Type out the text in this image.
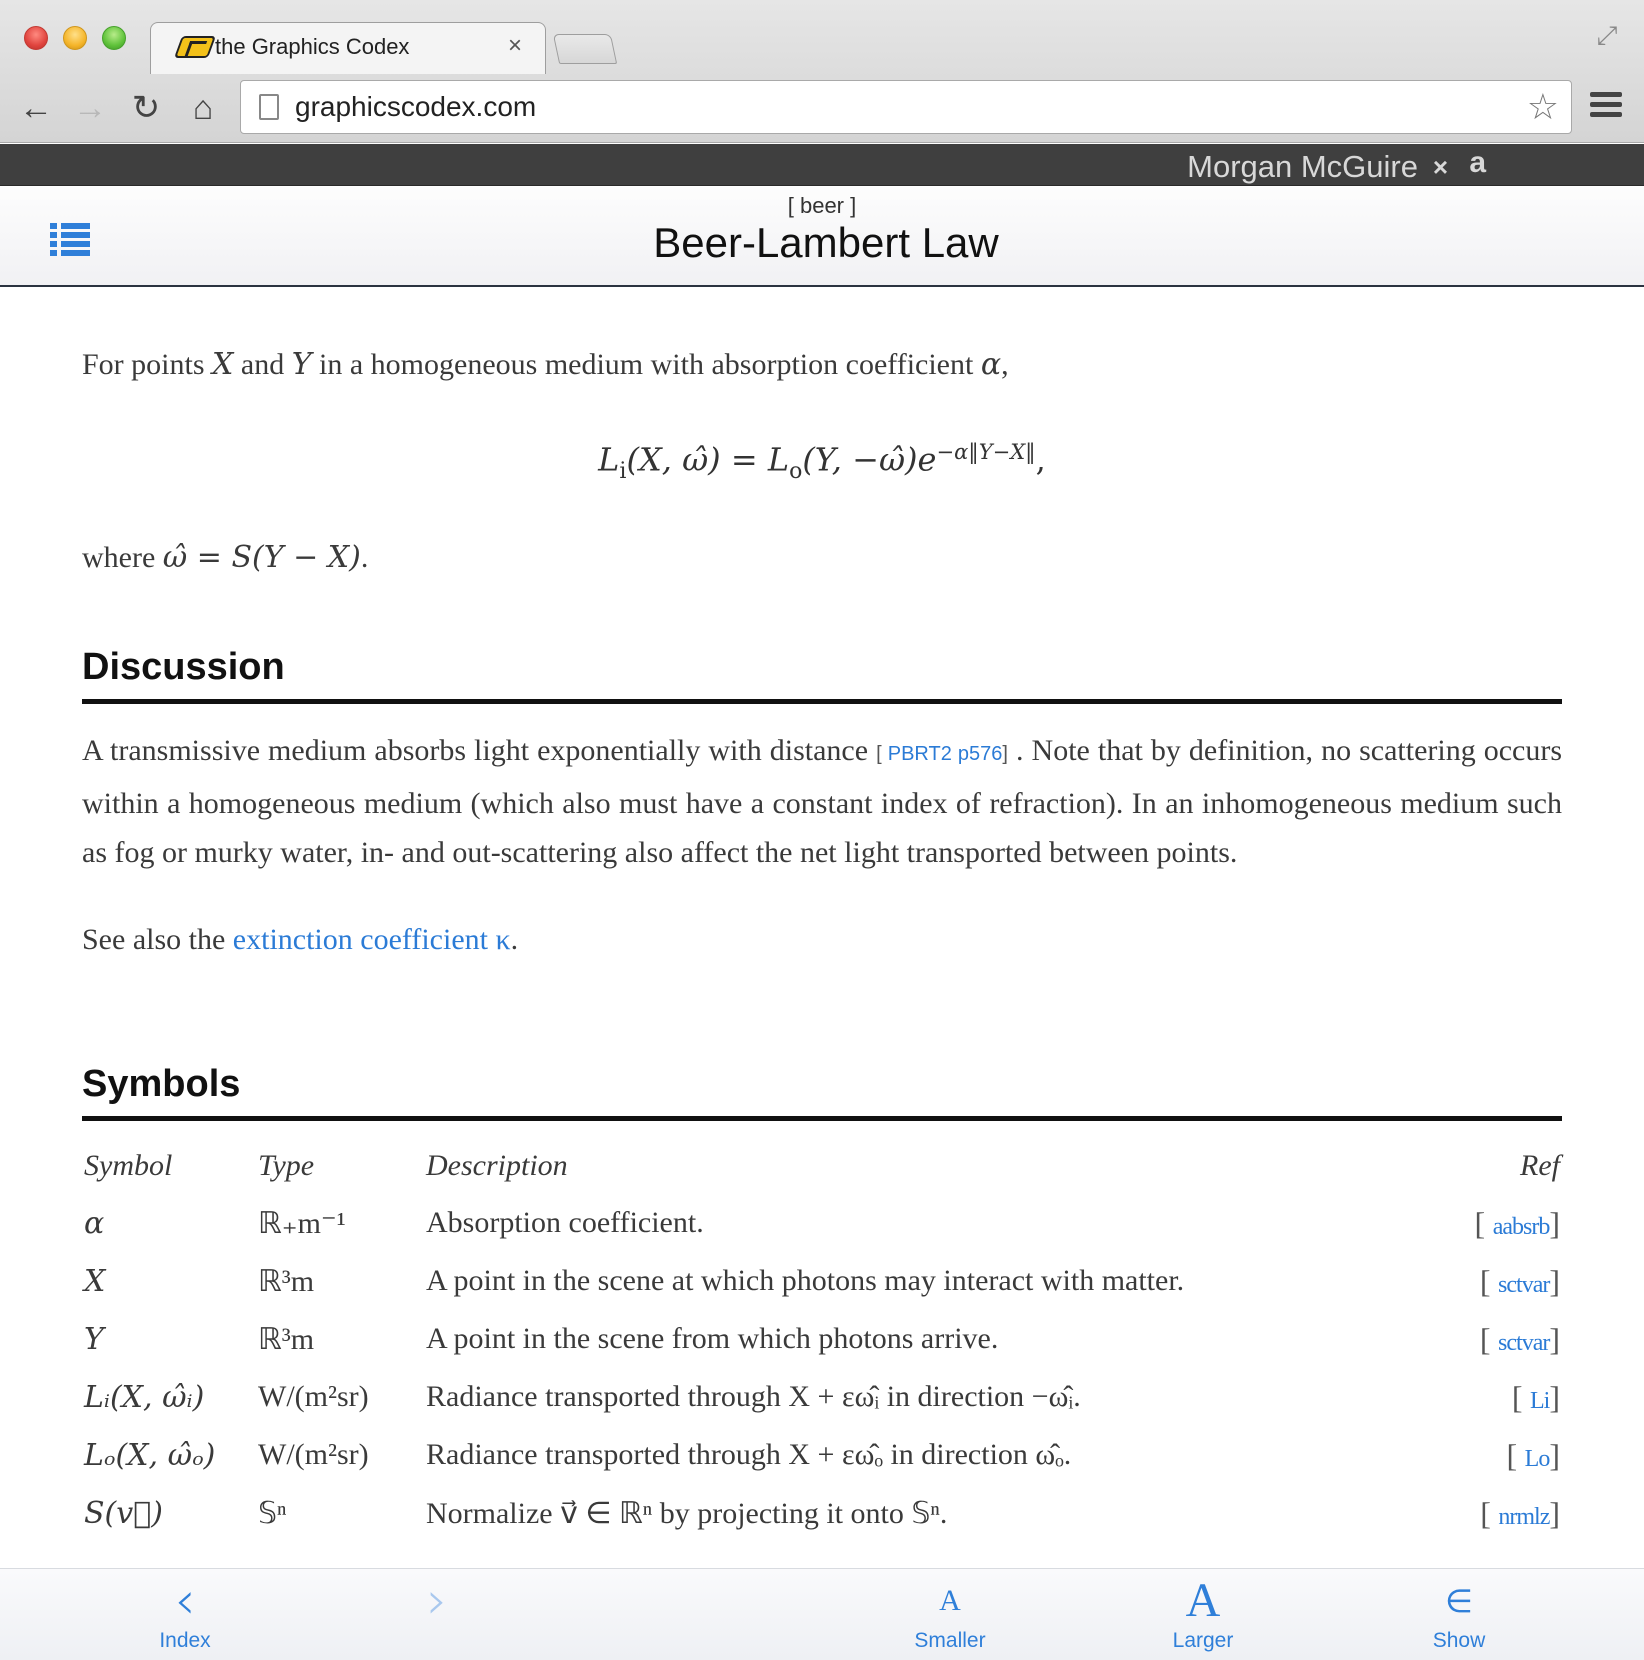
the Graphics Codex	×	⤢
← → ↻ ⌂	graphicscodex.com	☆
Morgan McGuire × a
[ beer ]
Beer-Lambert Law

For points X and Y in a homogeneous medium with absorption coefficient α,

$L_i(X$, ω̂) = $L_o(Y$, $-\omegâ)e^{-\alpha‖Y-X‖}$,

where ω̂ = S(Y − X).

Discussion

A transmissive medium absorbs light exponentially with distance [ PBRT2 p576] . Note that by definition, no scattering occurs within a homogeneous medium (which also must have a constant index of refraction). In an inhomogeneous medium such as fog or murky water, in- and out-scattering also affect the net light transported between points.

See also the extinction coefficient κ.

Symbols
Symbol	Type	Description	Ref
α	ℝ₊m⁻¹	Absorption coefficient.	[ aabsrb]
X	ℝ³m	A point in the scene at which photons may interact with matter.	[ sctvar]
Y	ℝ³m	A point in the scene from which photons arrive.	[ sctvar]
Lᵢ(X, ω̂ᵢ)	W/(m²sr)	Radiance transported through X + εω̂ᵢ in direction −ω̂ᵢ.	[ Li]
Lₒ(X, ω̂ₒ)	W/(m²sr)	Radiance transported through X + εω̂ₒ in direction ω̂ₒ.	[ Lo]
S(v⃗)	𝕊ⁿ	Normalize v⃗ ∈ ℝⁿ by projecting it onto 𝕊ⁿ.	[ nrmlz]
‹
Index
›	A
Smaller
A
Larger
∈
Show
